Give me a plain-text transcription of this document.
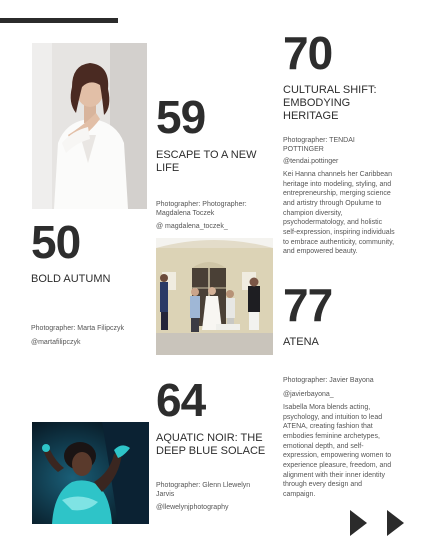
50
BOLD AUTUMN
Photographer: Marta Filipczyk
@martafilipczyk
59
ESCAPE TO A NEW LIFE
Photographer: Photographer: Magdalena Toczek
@ magdalena_toczek_
70
CULTURAL SHIFT: EMBODYING HERITAGE
Photographer: TENDAI POTTINGER
@tendai.pottinger
Kei Hanna channels her Caribbean heritage into modeling, styling, and entrepreneurship, merging science and artistry through Opulume to champion diversity, psychodermatology, and holistic self-expression, inspiring individuals to embrace authenticity, community, and empowered beauty.
77
ATENA
Photographer: Javier Bayona
@javierbayona_
Isabella Mora blends acting, psychology, and intuition to lead ATENA, creating fashion that embodies feminine archetypes, emotional depth, and self-expression, empowering women to experience pleasure, freedom, and alignment with their inner identity through every design and campaign.
64
AQUATIC NOIR: THE DEEP BLUE SOLACE
Photographer: Glenn Llewelyn Jarvis
@llewelynjphotography
